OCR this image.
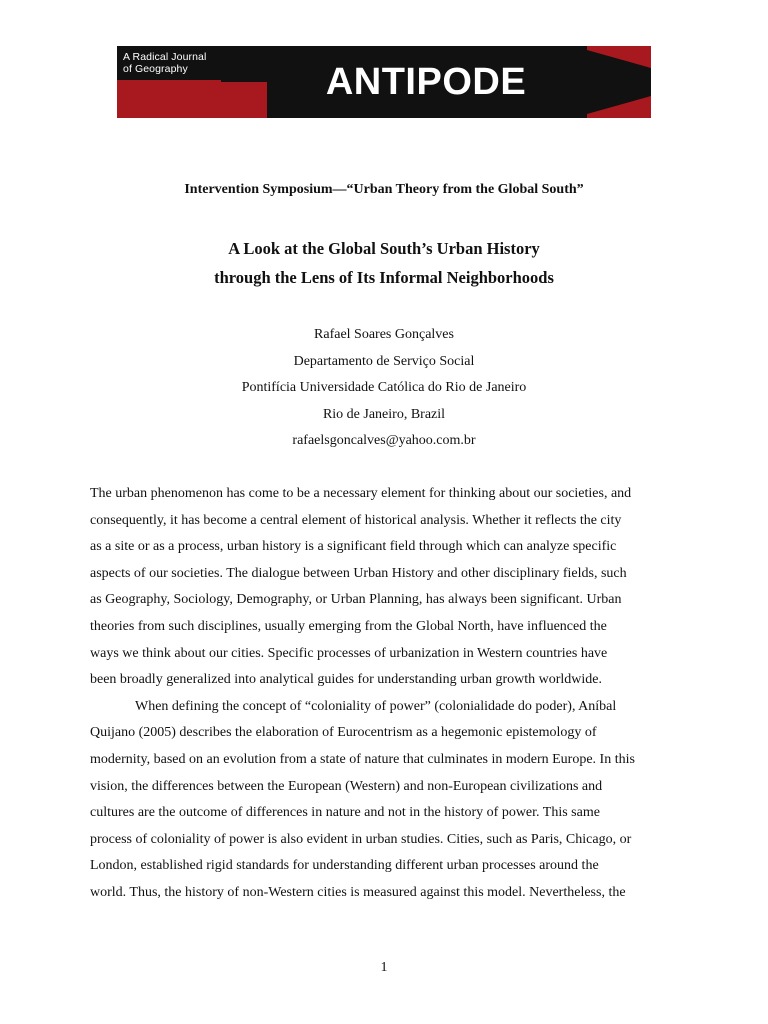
A Radical Journal
of Geography	ANTIPODE
Intervention Symposium—“Urban Theory from the Global South”
A Look at the Global South’s Urban History
through the Lens of Its Informal Neighborhoods
Rafael Soares Gonçalves
Departamento de Serviço Social
Pontifícia Universidade Católica do Rio de Janeiro
Rio de Janeiro, Brazil
rafaelsgoncalves@yahoo.com.br
The urban phenomenon has come to be a necessary element for thinking about our societies, and
consequently, it has become a central element of historical analysis. Whether it reflects the city
as a site or as a process, urban history is a significant field through which can analyze specific
aspects of our societies. The dialogue between Urban History and other disciplinary fields, such
as Geography, Sociology, Demography, or Urban Planning, has always been significant. Urban
theories from such disciplines, usually emerging from the Global North, have influenced the
ways we think about our cities. Specific processes of urbanization in Western countries have
been broadly generalized into analytical guides for understanding urban growth worldwide.
When defining the concept of “coloniality of power” (colonialidade do poder), Aníbal
Quijano (2005) describes the elaboration of Eurocentrism as a hegemonic epistemology of
modernity, based on an evolution from a state of nature that culminates in modern Europe. In this
vision, the differences between the European (Western) and non-European civilizations and
cultures are the outcome of differences in nature and not in the history of power. This same
process of coloniality of power is also evident in urban studies. Cities, such as Paris, Chicago, or
London, established rigid standards for understanding different urban processes around the
world. Thus, the history of non-Western cities is measured against this model. Nevertheless, the
1
